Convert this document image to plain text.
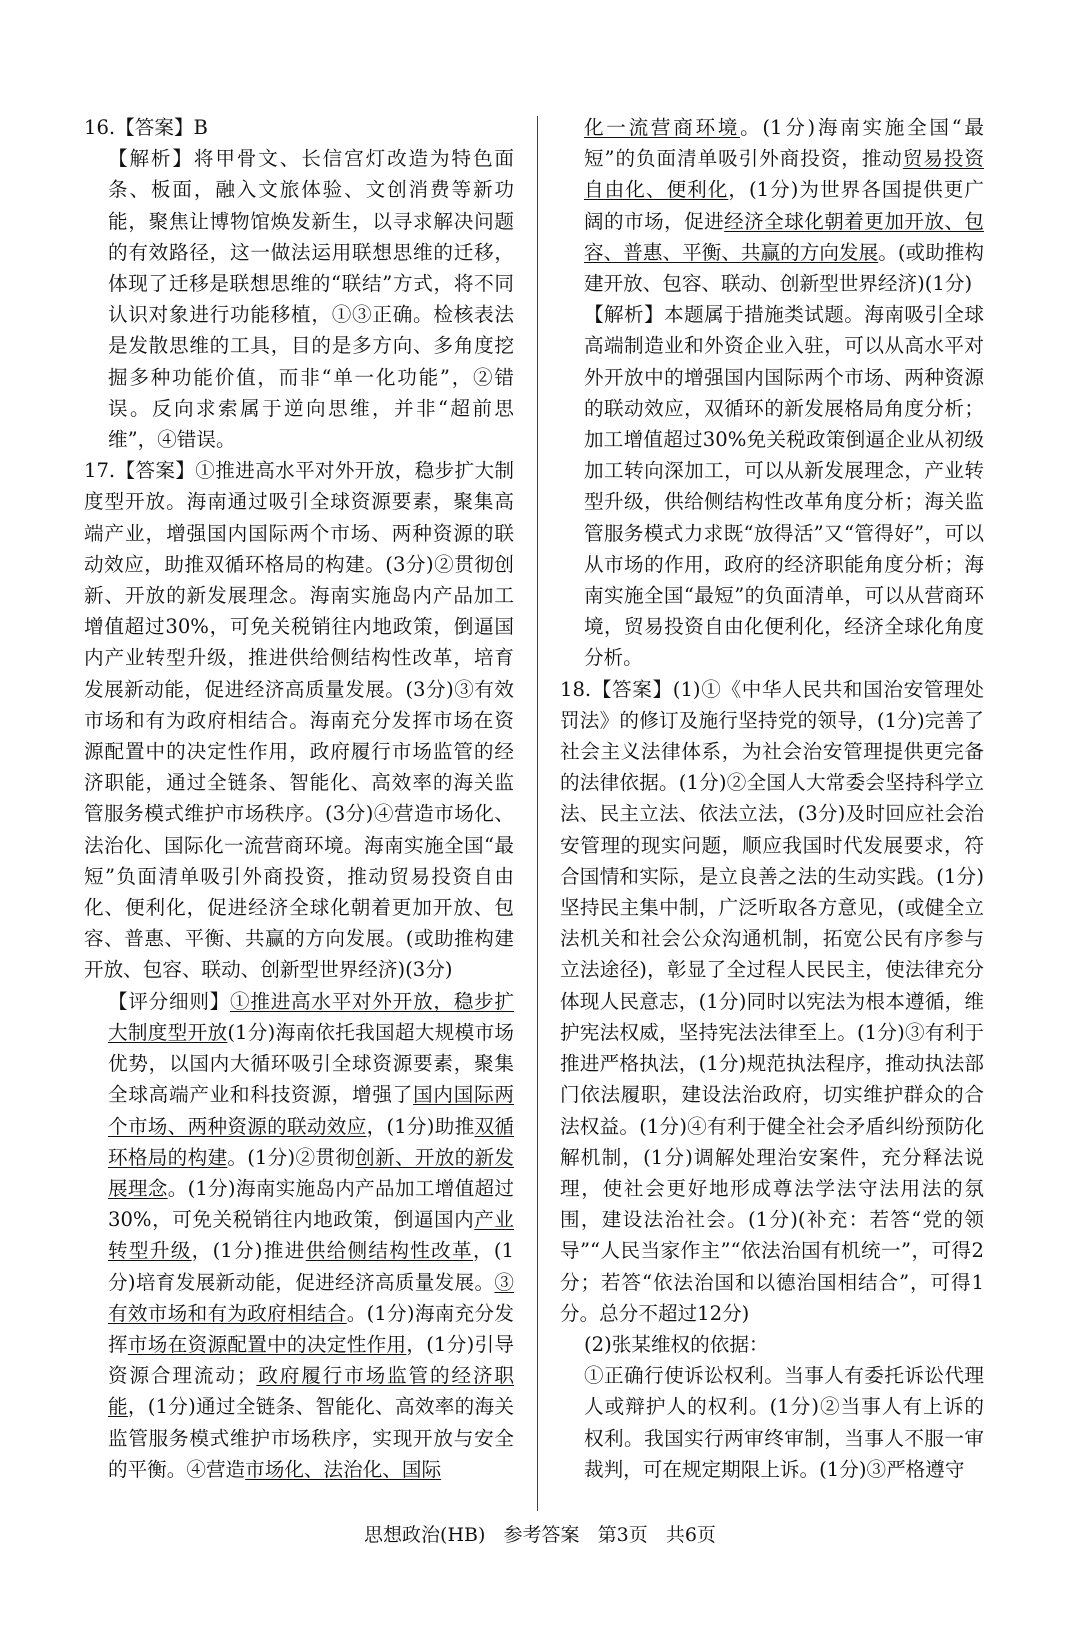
16.【答案】B

【解析】将甲骨文、长信宫灯改造为特色面条、板面，融入文旅体验、文创消费等新功能，聚焦让博物馆焕发新生，以寻求解决问题的有效路径，这一做法运用联想思维的迁移，体现了迁移是联想思维的“联结”方式，将不同认识对象进行功能移植，①③正确。检核表法是发散思维的工具，目的是多方向、多角度挖掘多种功能价值，而非“单一化功能”，②错误。反向求索属于逆向思维，并非“超前思维”，④错误。

17.【答案】①推进高水平对外开放，稳步扩大制度型开放。海南通过吸引全球资源要素，聚集高端产业，增强国内国际两个市场、两种资源的联动效应，助推双循环格局的构建。(3分)②贯彻创新、开放的新发展理念。海南实施岛内产品加工增值超过30%，可免关税销往内地政策，倒逼国内产业转型升级，推进供给侧结构性改革，培育发展新动能，促进经济高质量发展。(3分)③有效市场和有为政府相结合。海南充分发挥市场在资源配置中的决定性作用，政府履行市场监管的经济职能，通过全链条、智能化、高效率的海关监管服务模式维护市场秩序。(3分)④营造市场化、法治化、国际化一流营商环境。海南实施全国“最短”负面清单吸引外商投资，推动贸易投资自由化、便利化，促进经济全球化朝着更加开放、包容、普惠、平衡、共赢的方向发展。(或助推构建开放、包容、联动、创新型世界经济)(3分)

【评分细则】①推进高水平对外开放，稳步扩大制度型开放(1分)海南依托我国超大规模市场优势，以国内大循环吸引全球资源要素，聚集全球高端产业和科技资源，增强了国内国际两个市场、两种资源的联动效应，(1分)助推双循环格局的构建。(1分)②贯彻创新、开放的新发展理念。(1分)海南实施岛内产品加工增值超过30%，可免关税销往内地政策，倒逼国内产业转型升级，(1分)推进供给侧结构性改革，(1分)培育发展新动能，促进经济高质量发展。③有效市场和有为政府相结合。(1分)海南充分发挥市场在资源配置中的决定性作用，(1分)引导资源合理流动；政府履行市场监管的经济职能，(1分)通过全链条、智能化、高效率的海关监管服务模式维护市场秩序，实现开放与安全的平衡。④营造市场化、法治化、国际

化一流营商环境。(1分)海南实施全国“最短”的负面清单吸引外商投资，推动贸易投资自由化、便利化，(1分)为世界各国提供更广阔的市场，促进经济全球化朝着更加开放、包容、普惠、平衡、共赢的方向发展。(或助推构建开放、包容、联动、创新型世界经济)(1分)

【解析】本题属于措施类试题。海南吸引全球高端制造业和外资企业入驻，可以从高水平对外开放中的增强国内国际两个市场、两种资源的联动效应，双循环的新发展格局角度分析；加工增值超过30%免关税政策倒逼企业从初级加工转向深加工，可以从新发展理念，产业转型升级，供给侧结构性改革角度分析；海关监管服务模式力求既“放得活”又“管得好”，可以从市场的作用，政府的经济职能角度分析；海南实施全国“最短”的负面清单，可以从营商环境，贸易投资自由化便利化，经济全球化角度分析。

18.【答案】(1)①《中华人民共和国治安管理处罚法》的修订及施行坚持党的领导，(1分)完善了社会主义法律体系，为社会治安管理提供更完备的法律依据。(1分)②全国人大常委会坚持科学立法、民主立法、依法立法，(3分)及时回应社会治安管理的现实问题，顺应我国时代发展要求，符合国情和实际，是立良善之法的生动实践。(1分)坚持民主集中制，广泛听取各方意见，(或健全立法机关和社会公众沟通机制，拓宽公民有序参与立法途径)，彰显了全过程人民民主，使法律充分体现人民意志，(1分)同时以宪法为根本遵循，维护宪法权威，坚持宪法法律至上。(1分)③有利于推进严格执法，(1分)规范执法程序，推动执法部门依法履职，建设法治政府，切实维护群众的合法权益。(1分)④有利于健全社会矛盾纠纷预防化解机制，(1分)调解处理治安案件，充分释法说理，使社会更好地形成尊法学法守法用法的氛围，建设法治社会。(1分)(补充：若答“党的领导”“人民当家作主”“依法治国有机统一”，可得2分；若答“依法治国和以德治国相结合”，可得1分。总分不超过12分)

(2)张某维权的依据：

①正确行使诉讼权利。当事人有委托诉讼代理人或辩护人的权利。(1分)②当事人有上诉的权利。我国实行两审终审制，当事人不服一审裁判，可在规定期限上诉。(1分)③严格遵守

思想政治(HB)   参考答案   第3页   共6页
